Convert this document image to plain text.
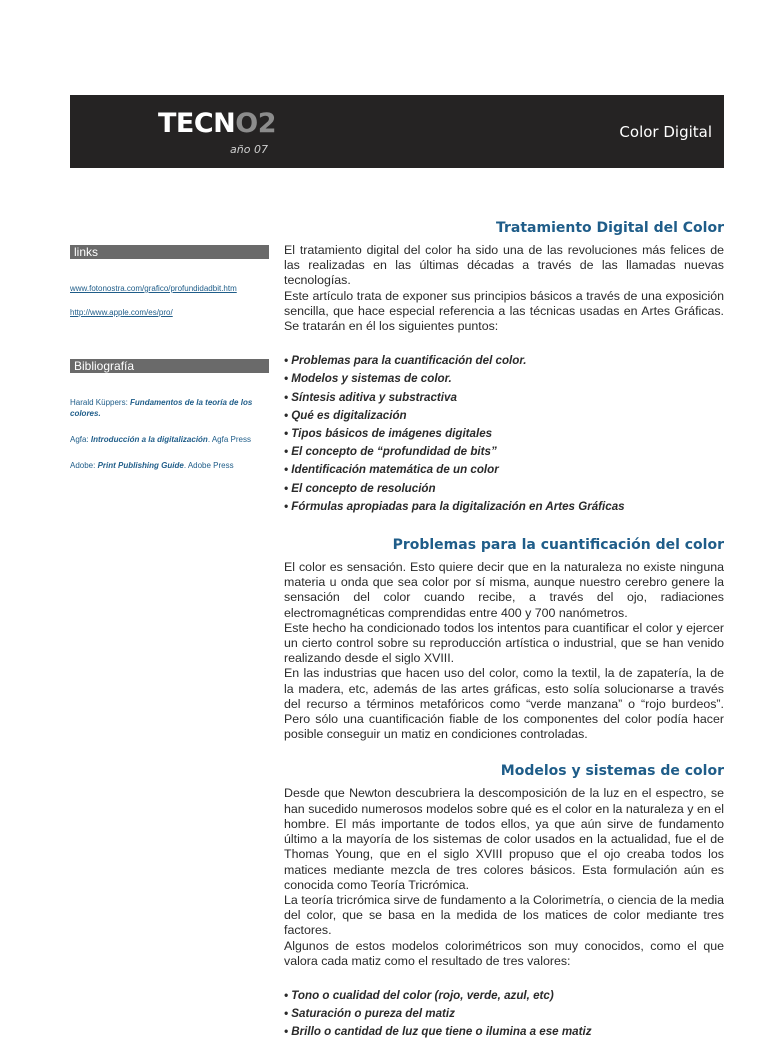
TECNO2
año 07
Color Digital
links
www.fotonostra.com/grafico/profundidadbit.htm
http://www.apple.com/es/pro/
Bibliografía
Harald Küppers: Fundamentos de la teoría de los colores.
Agfa: Introducción a la digitalización. Agfa Press
Adobe: Print Publishing Guide. Adobe Press
Tratamiento Digital del Color

El tratamiento digital del color ha sido una de las revoluciones más felices de las realizadas en las últimas décadas a través de las llamadas nuevas tecnologías.

Este artículo trata de exponer sus principios básicos a través de una exposición sencilla, que hace especial referencia a las técnicas usadas en Artes Gráficas. Se tratarán en él los siguientes puntos:

• Problemas para la cuantificación del color.
• Modelos y sistemas de color.
• Síntesis aditiva y substractiva
• Qué es digitalización
• Tipos básicos de imágenes digitales
• El concepto de “profundidad de bits”
• Identificación matemática de un color
• El concepto de resolución
• Fórmulas apropiadas para la digitalización en Artes Gráficas
Problemas para la cuantificación del color

El color es sensación. Esto quiere decir que en la naturaleza no existe ninguna materia u onda que sea color por sí misma, aunque nuestro cerebro genere la sensación del color cuando recibe, a través del ojo, radiaciones electromagnéticas comprendidas entre 400 y 700 nanómetros.

Este hecho ha condicionado todos los intentos para cuantificar el color y ejercer un cierto control sobre su reproducción artística o industrial, que se han venido realizando desde el siglo XVIII.

En las industrias que hacen uso del color, como la textil, la de zapatería, la de la madera, etc, además de las artes gráficas, esto solía solucionarse a través del recurso a términos metafóricos como “verde manzana” o “rojo burdeos”. Pero sólo una cuantificación fiable de los componentes del color podía hacer posible conseguir un matiz en condiciones controladas.

Modelos y sistemas de color

Desde que Newton descubriera la descomposición de la luz en el espectro, se han sucedido numerosos modelos sobre qué es el color en la naturaleza y en el hombre. El más importante de todos ellos, ya que aún sirve de fundamento último a la mayoría de los sistemas de color usados en la actualidad, fue el de Thomas Young, que en el siglo XVIII propuso que el ojo creaba todos los matices mediante mezcla de tres colores básicos. Esta formulación aún es conocida como Teoría Tricrómica.

La teoría tricrómica sirve de fundamento a la Colorimetría, o ciencia de la media del color, que se basa en la medida de los matices de color mediante tres factores.

Algunos de estos modelos colorimétricos son muy conocidos, como el que valora cada matiz como el resultado de tres valores:

• Tono o cualidad del color (rojo, verde, azul, etc)
• Saturación o pureza del matiz
• Brillo o cantidad de luz que tiene o ilumina a ese matiz
